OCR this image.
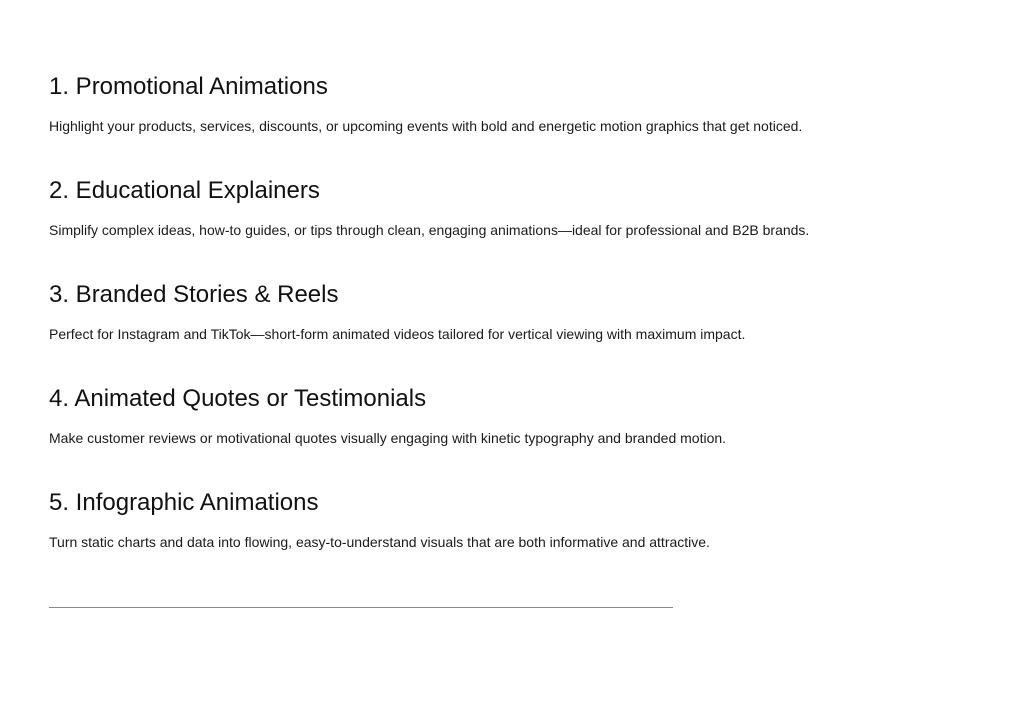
1. Promotional Animations

Highlight your products, services, discounts, or upcoming events with bold and energetic motion graphics that get noticed.

2. Educational Explainers

Simplify complex ideas, how-to guides, or tips through clean, engaging animations—ideal for professional and B2B brands.

3. Branded Stories & Reels

Perfect for Instagram and TikTok—short-form animated videos tailored for vertical viewing with maximum impact.

4. Animated Quotes or Testimonials

Make customer reviews or motivational quotes visually engaging with kinetic typography and branded motion.

5. Infographic Animations

Turn static charts and data into flowing, easy-to-understand visuals that are both informative and attractive.
